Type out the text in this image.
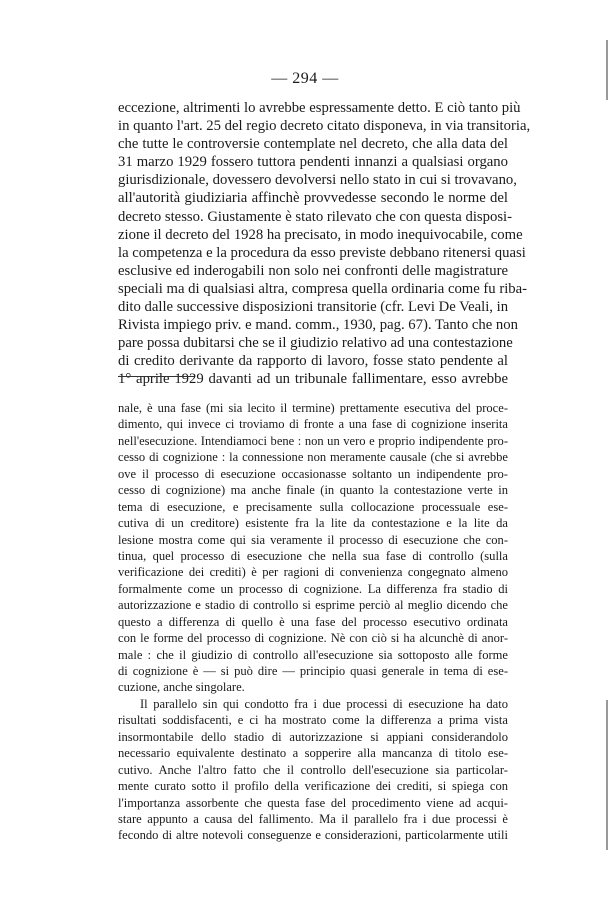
— 294 —
eccezione, altrimenti lo avrebbe espressamente detto. E ciò tanto più
in quanto l'art. 25 del regio decreto citato disponeva, in via transitoria,
che tutte le controversie contemplate nel decreto, che alla data del
31 marzo 1929 fossero tuttora pendenti innanzi a qualsiasi organo
giurisdizionale, dovessero devolversi nello stato in cui si trovavano,
all'autorità giudiziaria affinchè provvedesse secondo le norme del
decreto stesso. Giustamente è stato rilevato che con questa disposi-
zione il decreto del 1928 ha precisato, in modo inequivocabile, come
la competenza e la procedura da esso previste debbano ritenersi quasi
esclusive ed inderogabili non solo nei confronti delle magistrature
speciali ma di qualsiasi altra, compresa quella ordinaria come fu riba-
dito dalle successive disposizioni transitorie (cfr. Levi De Veali, in
Rivista impiego priv. e mand. comm., 1930, pag. 67). Tanto che non
pare possa dubitarsi che se il giudizio relativo ad una contestazione
di credito derivante da rapporto di lavoro, fosse stato pendente al
1° aprile 1929 davanti ad un tribunale fallimentare, esso avrebbe
nale, è una fase (mi sia lecito il termine) prettamente esecutiva del proce-
dimento, qui invece ci troviamo di fronte a una fase di cognizione inserita
nell'esecuzione. Intendiamoci bene : non un vero e proprio indipendente pro-
cesso di cognizione : la connessione non meramente causale (che si avrebbe
ove il processo di esecuzione occasionasse soltanto un indipendente pro-
cesso di cognizione) ma anche finale (in quanto la contestazione verte in
tema di esecuzione, e precisamente sulla collocazione processuale ese-
cutiva di un creditore) esistente fra la lite da contestazione e la lite da
lesione mostra come qui sia veramente il processo di esecuzione che con-
tinua, quel processo di esecuzione che nella sua fase di controllo (sulla
verificazione dei crediti) è per ragioni di convenienza congegnato almeno
formalmente come un processo di cognizione. La differenza fra stadio di
autorizzazione e stadio di controllo si esprime perciò al meglio dicendo che
questo a differenza di quello è una fase del processo esecutivo ordinata
con le forme del processo di cognizione. Nè con ciò si ha alcunchè di anor-
male : che il giudizio di controllo all'esecuzione sia sottoposto alle forme
di cognizione è — si può dire — principio quasi generale in tema di ese-
cuzione, anche singolare.
Il parallelo sin qui condotto fra i due processi di esecuzione ha dato
risultati soddisfacenti, e ci ha mostrato come la differenza a prima vista
insormontabile dello stadio di autorizzazione si appiani considerandolo
necessario equivalente destinato a sopperire alla mancanza di titolo ese-
cutivo. Anche l'altro fatto che il controllo dell'esecuzione sia particolar-
mente curato sotto il profilo della verificazione dei crediti, si spiega con
l'importanza assorbente che questa fase del procedimento viene ad acqui-
stare appunto a causa del fallimento. Ma il parallelo fra i due processi è
fecondo di altre notevoli conseguenze e considerazioni, particolarmente utili
